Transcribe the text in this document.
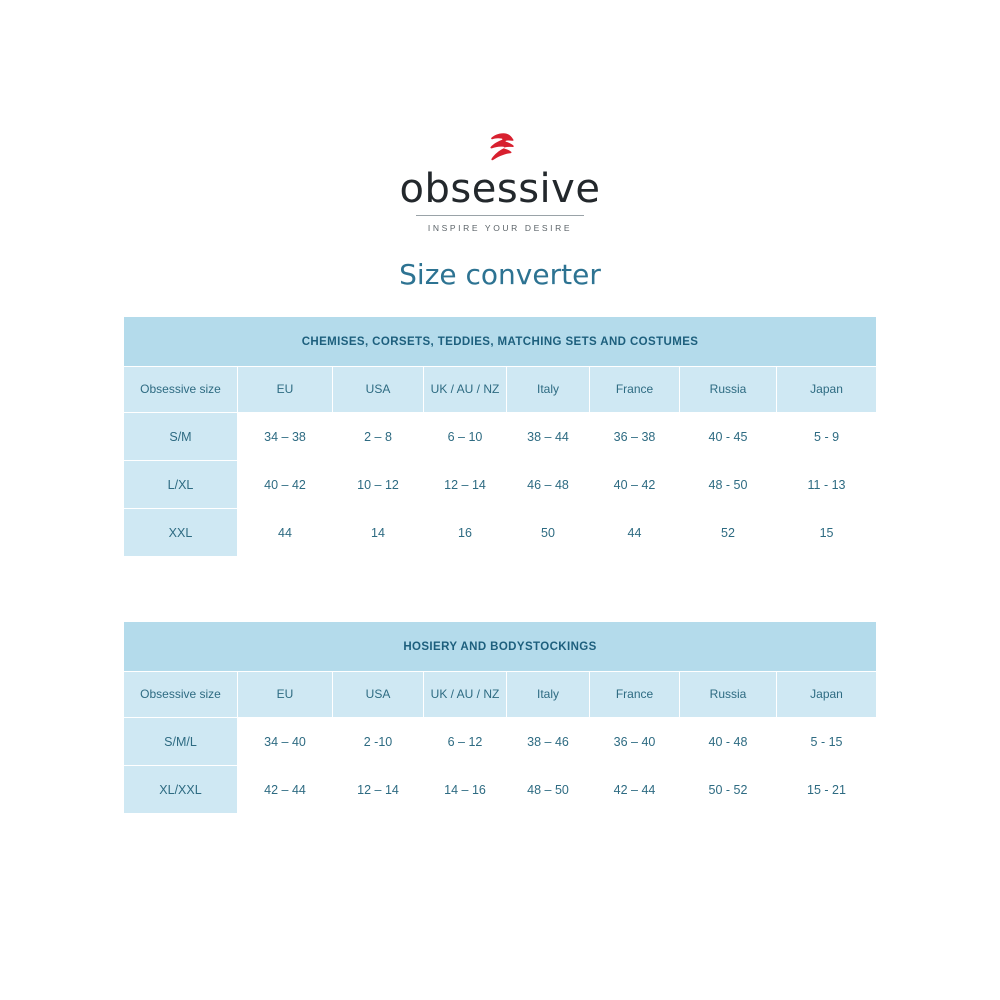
obsessive
INSPIRE YOUR DESIRE
Size converter
CHEMISES, CORSETS, TEDDIES, MATCHING SETS AND COSTUMES							
Obsessive size	EU	USA	UK / AU / NZ	Italy	France	Russia	Japan
S/M	34 – 38	2 – 8	6 – 10	38 – 44	36 – 38	40 - 45	5 - 9
L/XL	40 – 42	10 – 12	12 – 14	46 – 48	40 – 42	48 - 50	11 - 13
XXL	44	14	16	50	44	52	15
HOSIERY AND BODYSTOCKINGS							
Obsessive size	EU	USA	UK / AU / NZ	Italy	France	Russia	Japan
S/M/L	34 – 40	2 -10	6 – 12	38 – 46	36 – 40	40 - 48	5 - 15
XL/XXL	42 – 44	12 – 14	14 – 16	48 – 50	42 – 44	50 - 52	15 - 21
